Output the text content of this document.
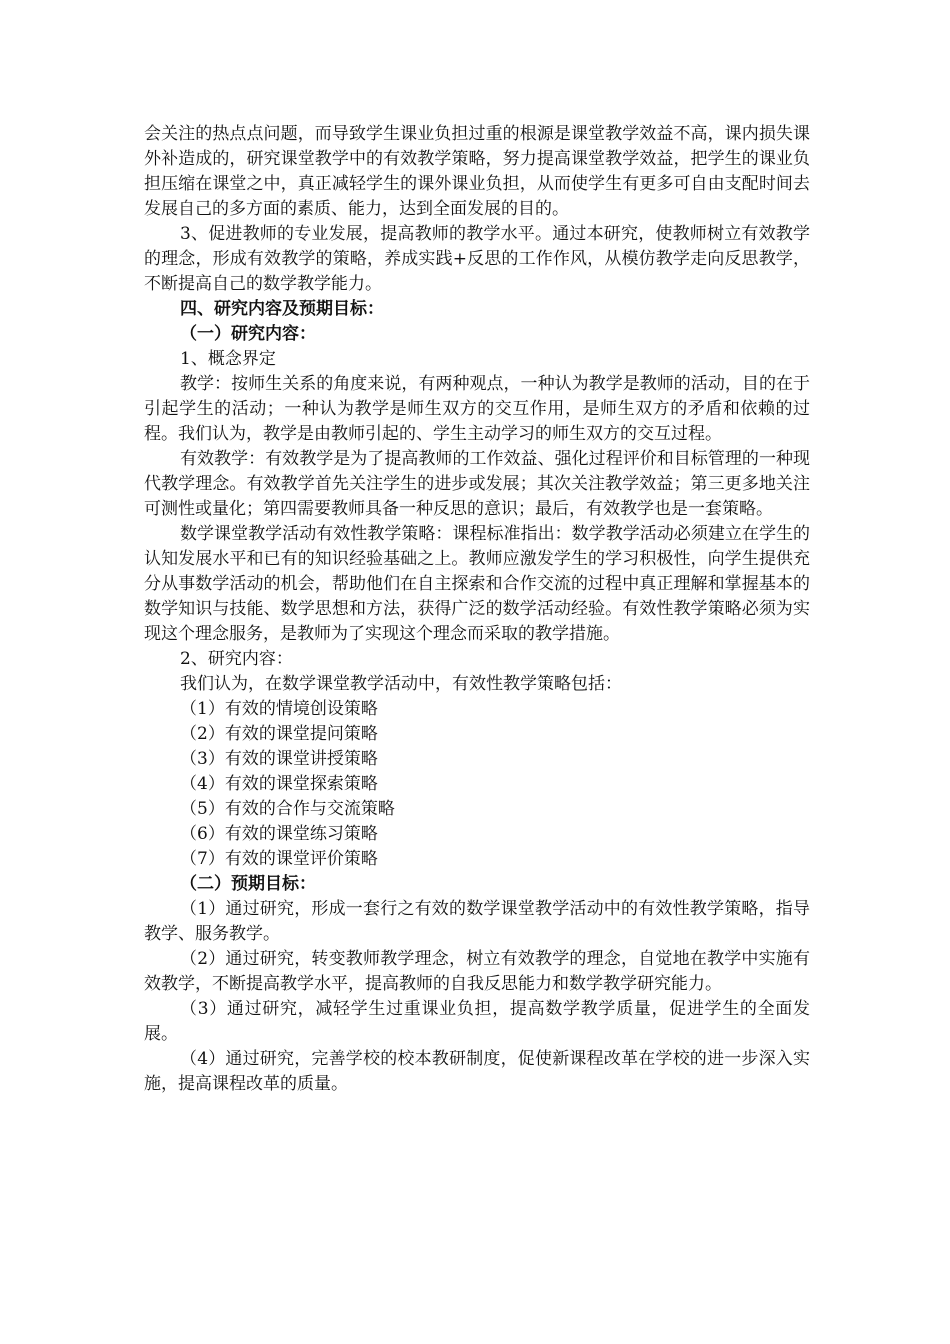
会关注的热点点问题，而导致学生课业负担过重的根源是课堂教学效益不高，课内损失课外补造成的，研究课堂教学中的有效教学策略，努力提高课堂教学效益，把学生的课业负担压缩在课堂之中，真正减轻学生的课外课业负担，从而使学生有更多可自由支配时间去发展自己的多方面的素质、能力，达到全面发展的目的。

3、促进教师的专业发展，提高教师的教学水平。通过本研究，使教师树立有效教学的理念，形成有效教学的策略，养成实践+反思的工作作风，从模仿教学走向反思教学，不断提高自己的数学教学能力。

四、研究内容及预期目标：

（一）研究内容：

1、概念界定

教学：按师生关系的角度来说，有两种观点，一种认为教学是教师的活动，目的在于引起学生的活动；一种认为教学是师生双方的交互作用，是师生双方的矛盾和依赖的过程。我们认为，教学是由教师引起的、学生主动学习的师生双方的交互过程。

有效教学：有效教学是为了提高教师的工作效益、强化过程评价和目标管理的一种现代教学理念。有效教学首先关注学生的进步或发展；其次关注教学效益；第三更多地关注可测性或量化；第四需要教师具备一种反思的意识；最后，有效教学也是一套策略。

数学课堂教学活动有效性教学策略：课程标准指出：数学教学活动必须建立在学生的认知发展水平和已有的知识经验基础之上。教师应激发学生的学习积极性，向学生提供充分从事数学活动的机会，帮助他们在自主探索和合作交流的过程中真正理解和掌握基本的数学知识与技能、数学思想和方法，获得广泛的数学活动经验。有效性教学策略必须为实现这个理念服务，是教师为了实现这个理念而采取的教学措施。

2、研究内容：

我们认为，在数学课堂教学活动中，有效性教学策略包括：

（1）有效的情境创设策略

（2）有效的课堂提问策略

（3）有效的课堂讲授策略

（4）有效的课堂探索策略

（5）有效的合作与交流策略

（6）有效的课堂练习策略

（7）有效的课堂评价策略

（二）预期目标：

（1）通过研究，形成一套行之有效的数学课堂教学活动中的有效性教学策略，指导教学、服务教学。

（2）通过研究，转变教师教学理念，树立有效教学的理念，自觉地在教学中实施有效教学，不断提高教学水平，提高教师的自我反思能力和数学教学研究能力。

（3）通过研究，减轻学生过重课业负担，提高数学教学质量，促进学生的全面发展。

（4）通过研究，完善学校的校本教研制度，促使新课程改革在学校的进一步深入实施，提高课程改革的质量。
